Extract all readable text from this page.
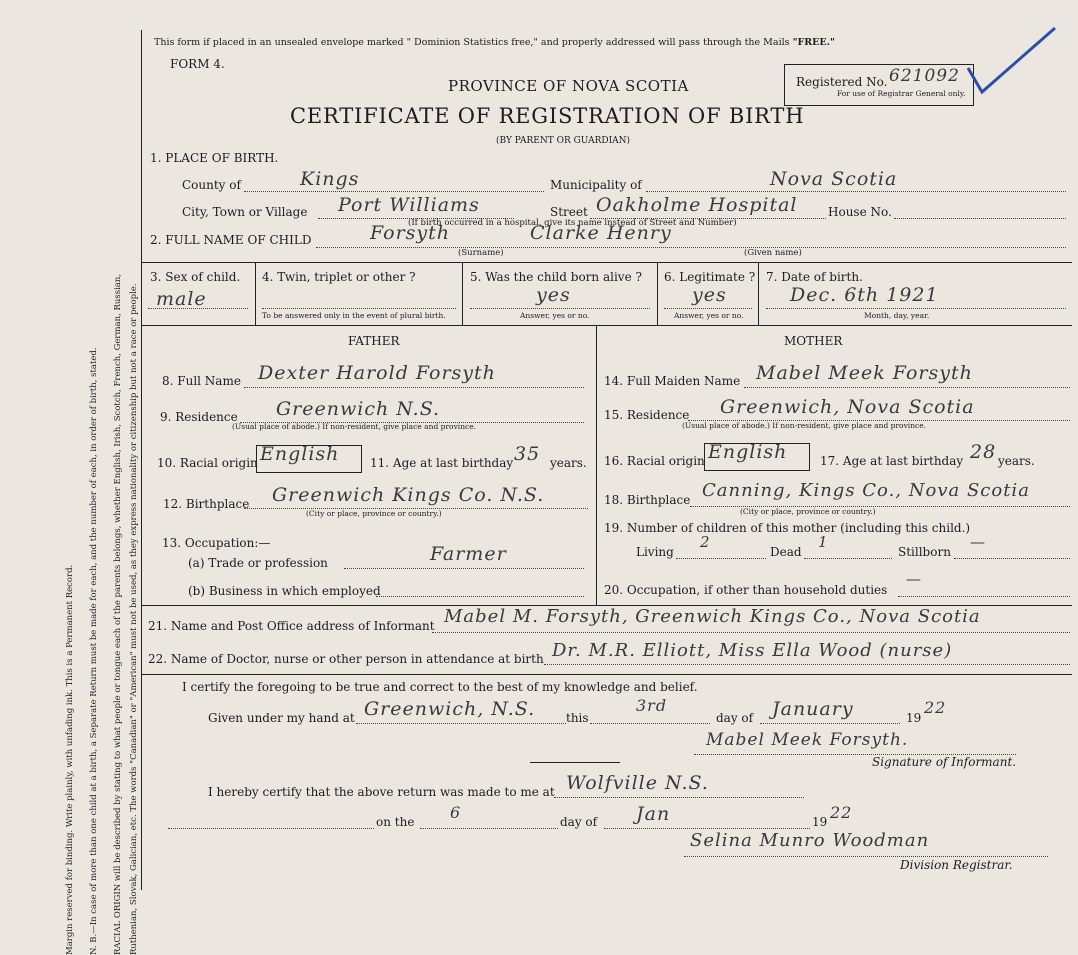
Margin reserved for binding. Write plainly, with unfading ink. This is a Permanent Record. N. B.—In case of more than one child at a birth, a Separate Return must be made for each, and the number of each, in order of birth, stated. RACIAL ORIGIN will be described by stating to what people or tongue each of the parents belongs, whether English, Irish, Scotch, French, German, Russian, Ruthenian, Slovak, Galician, etc. The words "Canadian" or "American" must not be used, as they express nationality or citizenship but not a race or people.
This form if placed in an unsealed envelope marked " Dominion Statistics free," and properly addressed will pass through the Mails "FREE."
FORM 4.
PROVINCE OF NOVA SCOTIA
CERTIFICATE OF REGISTRATION OF BIRTH
(BY PARENT OR GUARDIAN)
Registered No. 621092
For use of Registrar General only.
1. PLACE OF BIRTH.
County of	Kings	Municipality of	Nova Scotia
City, Town or Village Port Williams	Street Oakholme Hospital	House No.
(If birth occurred in a hospital, give its name instead of Street and Number)
2. FULL NAME OF CHILD	Forsyth	Clarke Henry
(Surname)	(Given name)
3. Sex of child.
male
4. Twin, triplet or other ?
To be answered only in the event of plural birth.
5. Was the child born alive ?
yes
Answer, yes or no.
6. Legitimate ?
yes
Answer, yes or no.
7. Date of birth.
Dec. 6th 1921
Month, day, year.
FATHER	MOTHER
8. Full Name Dexter Harold Forsyth
9. Residence Greenwich N.S.
(Usual place of abode.) If non-resident, give place and province.
10. Racial origin English	11. Age at last birthday 35 years.
12. Birthplace Greenwich Kings Co. N.S.
(City or place, province or country.)
13. Occupation:—
(a) Trade or profession	Farmer
(b) Business in which employed
14. Full Maiden Name Mabel Meek Forsyth
15. Residence Greenwich, Nova Scotia
(Usual place of abode.) If non-resident, give place and province.
16. Racial origin English	17. Age at last birthday 28 years.
18. Birthplace Canning, Kings Co., Nova Scotia
(City or place, province or country.)
19. Number of children of this mother (including this child.)
Living
2
Dead
1
Stillborn
—
20. Occupation, if other than household duties
—
21. Name and Post Office address of Informant Mabel M. Forsyth, Greenwich Kings Co., Nova Scotia
22. Name of Doctor, nurse or other person in attendance at birth Dr. M.R. Elliott, Miss Ella Wood (nurse)
I certify the foregoing to be true and correct to the best of my knowledge and belief.
Given under my hand at Greenwich, N.S.	this
3rd
day of January	19
22
Mabel Meek Forsyth.
Signature of Informant.
I hereby certify that the above return was made to me at Wolfville N.S.
on the 6	day of Jan	19 22
Selina Munro Woodman
Division Registrar.
